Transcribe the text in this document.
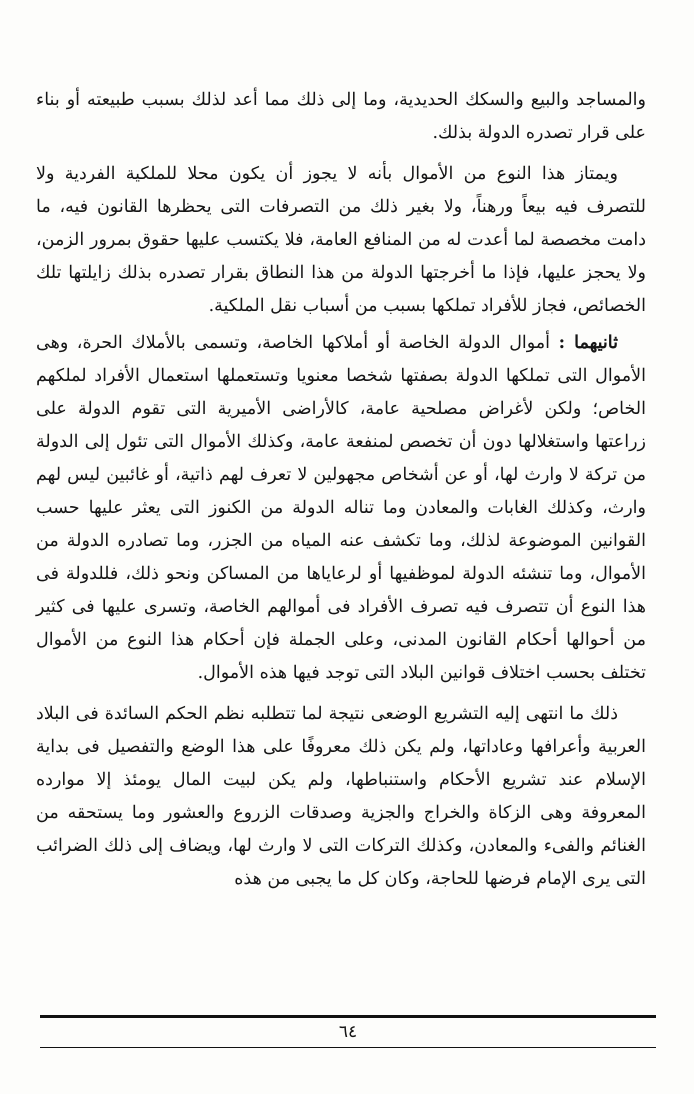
والمساجد والبيع والسكك الحديدية، وما إلى ذلك مما أعد لذلك بسبب طبيعته أو بناء على قرار تصدره الدولة بذلك.

ويمتاز هذا النوع من الأموال بأنه لا يجوز أن يكون محلا للملكية الفردية ولا للتصرف فيه بيعاً ورهناً، ولا بغير ذلك من التصرفات التى يحظرها القانون فيه، ما دامت مخصصة لما أعدت له من المنافع العامة، فلا يكتسب عليها حقوق بمرور الزمن، ولا يحجز عليها، فإذا ما أخرجتها الدولة من هذا النطاق بقرار تصدره بذلك زايلتها تلك الخصائص، فجاز للأفراد تملكها بسبب من أسباب نقل الملكية.

ثانيهما : أموال الدولة الخاصة أو أملاكها الخاصة، وتسمى بالأملاك الحرة، وهى الأموال التى تملكها الدولة بصفتها شخصا معنويا وتستعملها استعمال الأفراد لملكهم الخاص؛ ولكن لأغراض مصلحية عامة، كالأراضى الأميرية التى تقوم الدولة على زراعتها واستغلالها دون أن تخصص لمنفعة عامة، وكذلك الأموال التى تئول إلى الدولة من تركة لا وارث لها، أو عن أشخاص مجهولين لا تعرف لهم ذاتية، أو غائبين ليس لهم وارث، وكذلك الغابات والمعادن وما تناله الدولة من الكنوز التى يعثر عليها حسب القوانين الموضوعة لذلك، وما تكشف عنه المياه من الجزر، وما تصادره الدولة من الأموال، وما تنشئه الدولة لموظفيها أو لرعاياها من المساكن ونحو ذلك، فللدولة فى هذا النوع أن تتصرف فيه تصرف الأفراد فى أموالهم الخاصة، وتسرى عليها فى كثير من أحوالها أحكام القانون المدنى، وعلى الجملة فإن أحكام هذا النوع من الأموال تختلف بحسب اختلاف قوانين البلاد التى توجد فيها هذه الأموال.

ذلك ما انتهى إليه التشريع الوضعى نتيجة لما تتطلبه نظم الحكم السائدة فى البلاد العربية وأعرافها وعاداتها، ولم يكن ذلك معروفًا على هذا الوضع والتفصيل فى بداية الإسلام عند تشريع الأحكام واستنباطها، ولم يكن لبيت المال يومئذ إلا موارده المعروفة وهى الزكاة والخراج والجزية وصدقات الزروع والعشور وما يستحقه من الغنائم والفىء والمعادن، وكذلك التركات التى لا وارث لها، ويضاف إلى ذلك الضرائب التى يرى الإمام فرضها للحاجة، وكان كل ما يجبى من هذه

٦٤
